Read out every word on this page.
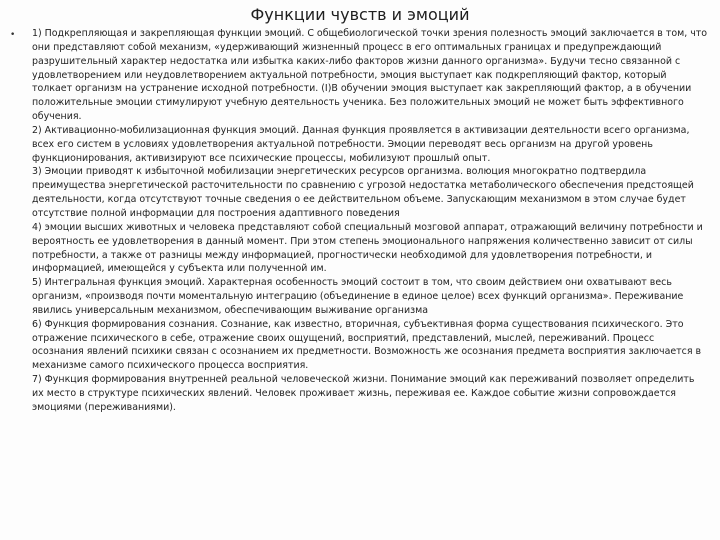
Функции чувств и эмоций
• 1) Подкрепляющая и закрепляющая функции эмоций. С общебиологической точки зрения полезность эмоций заключается в том, что они представляют собой механизм, «удерживающий жизненный процесс в его оптимальных границах и предупреждающий разрушительный характер недостатка или избытка каких-либо факторов жизни данного организма». Будучи тесно связанной с удовлетворением или неудовлетворением актуальной потребности, эмоция выступает как подкрепляющий фактор, который толкает организм на устранение исходной потребности. (I)В обучении эмоция выступает как закрепляющий фактор, а в обучении положительные эмоции стимулируют учебную деятельность ученика. Без положительных эмоций не может быть эффективного обучения.

2) Активационно-мобилизационная функция эмоций. Данная функция проявляется в активизации деятельности всего организма, всех его систем в условиях удовлетворения актуальной потребности. Эмоции переводят весь организм на другой уровень функционирования, активизируют все психические процессы, мобилизуют прошлый опыт.

3) Эмоции приводят к избыточной мобилизации энергетических ресурсов организма. волюция многократно подтвердила преимущества энергетической расточительности по сравнению с угрозой недостатка метаболического обеспечения предстоящей деятельности, когда отсутствуют точные сведения о ее действительном объеме. Запускающим механизмом в этом случае будет отсутствие полной информации для построения адаптивного поведения

4) эмоции высших животных и человека представляют собой специальный мозговой аппарат, отражающий величину потребности и вероятность ее удовлетворения в данный момент. При этом степень эмоционального напряжения количественно зависит от силы потребности, а также от разницы между информацией, прогностически необходимой для удовлетворения потребности, и информацией, имеющейся у субъекта или полученной им.

5) Интегральная функция эмоций. Характерная особенность эмоций состоит в том, что своим действием они охватывают весь организм, «производя почти моментальную интеграцию (объединение в единое целое) всех функций организма». Переживание явились универсальным механизмом, обеспечивающим выживание организма

6) Функция формирования сознания. Сознание, как известно, вторичная, субъективная форма существования психического. Это отражение психического в себе, отражение своих ощущений, восприятий, представлений, мыслей, переживаний. Процесс осознания явлений психики связан с осознанием их предметности. Возможность же осознания предмета восприятия заключается в механизме самого психического процесса восприятия.

7) Функция формирования внутренней реальной человеческой жизни. Понимание эмоций как переживаний позволяет определить их место в структуре психических явлений. Человек проживает жизнь, переживая ее. Каждое событие жизни сопровождается эмоциями (переживаниями).
